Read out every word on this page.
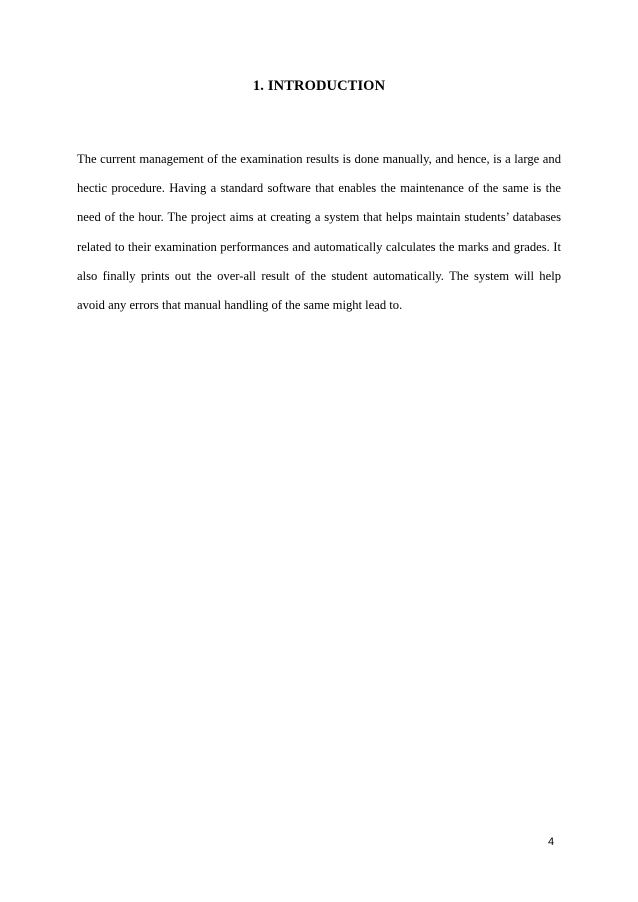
1. INTRODUCTION

The current management of the examination results is done manually, and hence, is a large and hectic procedure. Having a standard software that enables the maintenance of the same is the need of the hour. The project aims at creating a system that helps maintain students’ databases related to their examination performances and automatically calculates the marks and grades. It also finally prints out the over-all result of the student automatically. The system will help avoid any errors that manual handling of the same might lead to.

4
